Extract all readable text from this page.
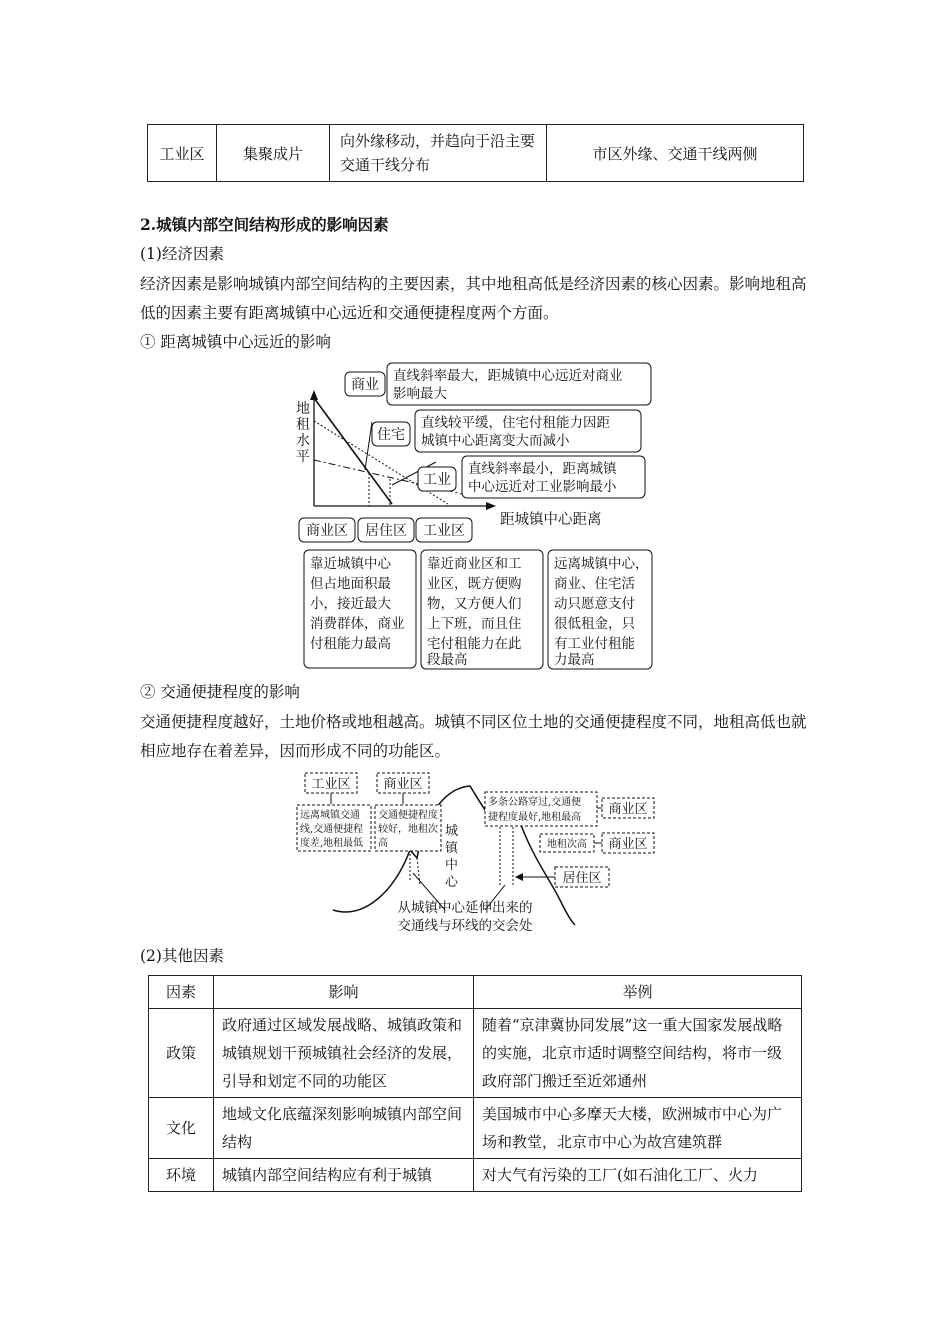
工业区	集聚成片	向外缘移动，并趋向于沿主要交通干线分布	市区外缘、交通干线两侧
2.城镇内部空间结构形成的影响因素
(1)经济因素
经济因素是影响城镇内部空间结构的主要因素，其中地租高低是经济因素的核心因素。影响地租高低的因素主要有距离城镇中心远近和交通便捷程度两个方面。
① 距离城镇中心远近的影响
地
租
水
平
距城镇中心距离
商业
直线斜率最大，距城镇中心远近对商业
影响最大
住宅
直线较平缓，住宅付租能力因距
城镇中心距离变大而减小
工业
直线斜率最小，距离城镇
中心远近对工业影响最小
商业区 居住区 工业区
靠近城镇中心
但占地面积最
小，接近最大
消费群体，商业
付租能力最高
靠近商业区和工
业区，既方便购
物，又方便人们
上下班，而且住
宅付租能力在此
段最高
远离城镇中心，
商业、住宅活
动只愿意支付
很低租金，只
有工业付租能
力最高
② 交通便捷程度的影响
交通便捷程度越好，土地价格或地租越高。城镇不同区位土地的交通便捷程度不同，地租高低也就相应地存在着差异，因而形成不同的功能区。
工业区	商业区
远离城镇交通
线,交通便捷程
度差,地租最低
交通便捷程度
较好，地租次
高
城
镇
中
心
多条公路穿过,交通便
捷程度最好,地租最高
商业区
地租次高 商业区
居住区
从城镇中心延伸出来的
交通线与环线的交会处
(2)其他因素
因素	影响	举例
政策	政府通过区域发展战略、城镇政策和城镇规划干预城镇社会经济的发展，引导和划定不同的功能区	随着“京津冀协同发展”这一重大国家发展战略的实施，北京市适时调整空间结构，将市一级政府部门搬迁至近郊通州
文化	地域文化底蕴深刻影响城镇内部空间结构	美国城市中心多摩天大楼，欧洲城市中心为广场和教堂，北京市中心为故宫建筑群
环境	城镇内部空间结构应有利于城镇	对大气有污染的工厂(如石油化工厂、火力
